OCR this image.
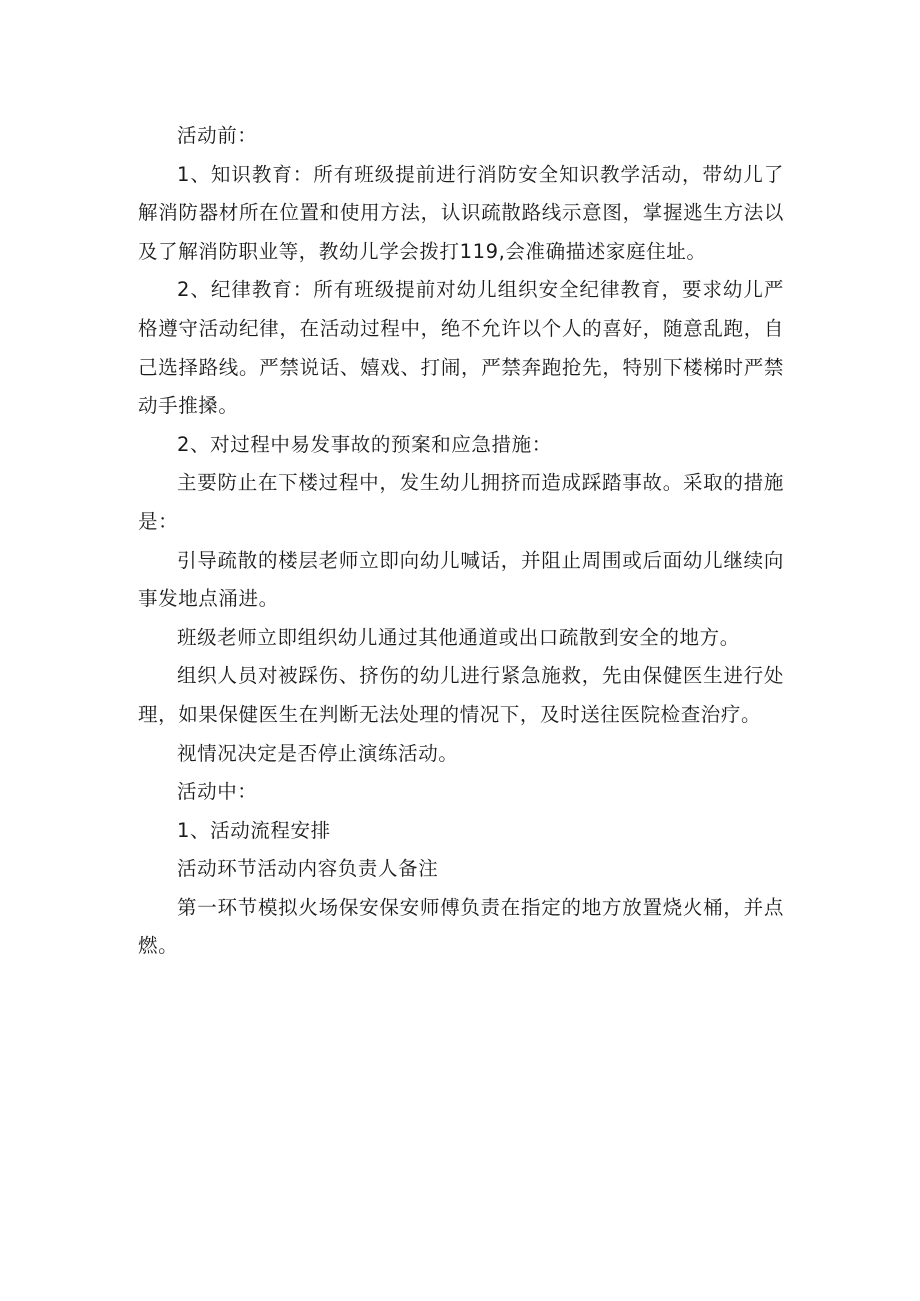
活动前：

1、知识教育：所有班级提前进行消防安全知识教学活动，带幼儿了解消防器材所在位置和使用方法，认识疏散路线示意图，掌握逃生方法以及了解消防职业等，教幼儿学会拨打119,会准确描述家庭住址。

2、纪律教育：所有班级提前对幼儿组织安全纪律教育，要求幼儿严格遵守活动纪律，在活动过程中，绝不允许以个人的喜好，随意乱跑，自己选择路线。严禁说话、嬉戏、打闹，严禁奔跑抢先，特别下楼梯时严禁动手推搡。

2、对过程中易发事故的预案和应急措施：

主要防止在下楼过程中，发生幼儿拥挤而造成踩踏事故。采取的措施是：

引导疏散的楼层老师立即向幼儿喊话，并阻止周围或后面幼儿继续向事发地点涌进。

班级老师立即组织幼儿通过其他通道或出口疏散到安全的地方。

组织人员对被踩伤、挤伤的幼儿进行紧急施救，先由保健医生进行处理，如果保健医生在判断无法处理的情况下，及时送往医院检查治疗。

视情况决定是否停止演练活动。

活动中：

1、活动流程安排

活动环节活动内容负责人备注

第一环节模拟火场保安保安师傅负责在指定的地方放置烧火桶，并点燃。
